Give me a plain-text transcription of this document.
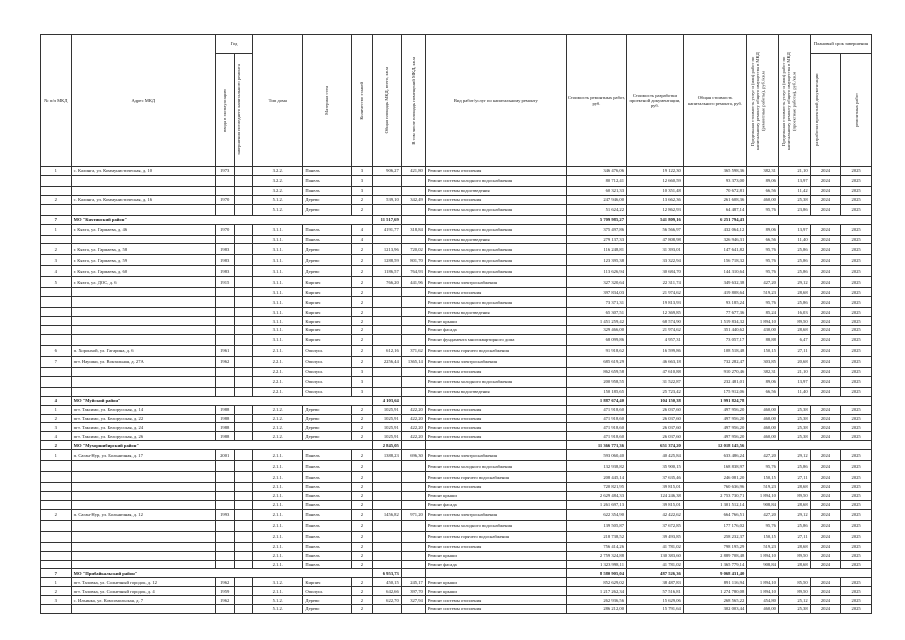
№ п/п МКД	Адрес МКД	Год		Тип дома	Материал стен	Количество этажей	Общая площадь МКД, всего, кв.м	В том числе площадь помещений МКД, кв.м	Вид работ/услуг по капитальному ремонту	Стоимость ремонтных работ, руб.	Стоимость разработки проектной документации, руб.	Общая стоимость капитального ремонта, руб.	Предельная стоимость услуг и (или) работ по капитальному ремонту общего имущества в МКД (ремонтные работы), руб./кв.м	Предельная стоимость услуг и (или) работ по капитальному ремонту общего имущества в МКД (проектные работы), руб./кв.м	Плановый срок завершения	

		ввода в эксплуатацию	завершения последнего капитального ремонта												разработки проектной документации	ремонтных работ

1	с. Калинга, ул. Коммунистическая, д. 10	1973		3.2.2.	Панель	3	906,27	421,80	Ремонт системы отопления	346 476,06	19 122,30	365 598,36	382,31	21,10	2024	2025
				3.2.2.	Панель	3			Ремонт системы холодного водоснабжения	80 712,41	12 660,59	93 373,00	89,06	13,97	2024	2025
				3.2.2.	Панель	3			Ремонт системы водоотведения	60 321,33	10 351,48	70 672,81	66,56	11,42	2024	2025
2	с. Калинга, ул. Коммунистическая, д. 16	1970		5.1.2.	Дерево	2	539,10	342,49	Ремонт системы отопления	247 946,00	13 662,36	261 608,36	460,00	25,38	2024	2025
				5.1.2.	Дерево	2			Ремонт системы холодного водоснабжения	51 624,22	12 862,93	64 487,14	95,76	23,86	2024	2025
7	МО "Кяхтинский район"						11 517,69			5 709 985,27	541 809,16	6 251 794,43				
1	г. Кяхта, ул. Гармаева, д. 46	1970		3.1.1.	Панель	4	4191,77	318,84	Ремонт системы холодного водоснабжения	375 497,86	56 566,97	432 064,12	89,06	13,97	2024	2025
				3.1.1.	Панель	4			Ремонт системы водоотведения	279 137,33	47 808,98	326 946,31	66,56	11,40	2024	2025
2	г. Кяхта, ул. Гармаева, д. 58	1983		3.1.1.	Дерево	2	1213,96	720,02	Ремонт системы холодного водоснабжения	116 248,81	31 393,01	147 641,82	95,76	25,86	2024	2025
3	г. Кяхта, ул. Гармаева, д. 59	1983		3.1.1.	Дерево	2	1288,59	801,70	Ремонт системы холодного водоснабжения	123 395,38	33 322,94	156 718,32	95,76	25,86	2024	2025
4	г. Кяхта, ул. Гармаева, д. 60	1983		3.1.1.	Дерево	2	1186,57	764,93	Ремонт системы холодного водоснабжения	113 626,94	30 684,70	144 310,64	95,76	25,86	2024	2025
5	г. Кяхта, ул. ДОС, д. 6	1915		3.1.1.	Кирпич	2	766,20	441,96	Ремонт системы электроснабжения	327 320,64	22 311,74	349 632,38	427,20	29,12	2024	2025
				3.1.1.	Кирпич	2			Ремонт системы отопления	397 834,03	21 974,62	419 808,64	519,23	28,68	2024	2025
				3.1.1.	Кирпич	2			Ремонт системы холодного водоснабжения	73 371,31	19 813,93	93 185,24	95,76	25,86	2024	2025
				3.1.1.	Кирпич	2			Ремонт системы водоотведения	65 307,51	12 369,85	77 677,36	85,24	16,03	2024	2025
				3.1.1.	Кирпич	2			Ремонт крыши	1 451 259,42	68 574,90	1 519 834,32	1 894,10	89,50	2024	2025
				3.1.1.	Кирпич	2			Ремонт фасада	329 466,00	21 974,62	351 440,62	430,00	28,68	2024	2025
				3.1.1.	Кирпич	2			Ремонт фундамента многоквартирного дома	68 099,86	4 957,31	73 057,17	88,88	6,47	2024	2025
6	п. Хоронхой, ул. Гагарина, д. 6	1961		2.1.1.	Опилуш.	2	612,16	371,62	Ремонт системы горячего водоснабжения	91 918,62	16 599,86	108 518,48	150,15	27,11	2024	2025
7	пгт. Наушки, ул. Вокзальная, д. 27А	1962		2.2.1.	Опилуш.	2	2256,44	1365,14	Ремонт системы электроснабжения	685 619,29	46 663,18	732 282,47	303,85	20,68	2024	2025
				2.2.1.	Опилуш.	3			Ремонт системы отопления	862 659,58	47 610,88	910 270,46	382,31	21,10	2024	2025
				2.2.1.	Опилуш.	3			Ремонт системы холодного водоснабжения	200 958,55	31 522,87	232 481,01	89,06	13,97	2024	2025
				2.2.1.	Опилуш.	3			Ремонт системы водоотведения	150 185,65	25 723,42	175 912,06	66,56	11,40	2024	2025
4	МО "Муйский район"						4 103,64			1 887 674,40	104 150,38	1 991 824,78				
1	пгт. Таксимо, ул. Белорусская, д. 14	1988		2.1.2.	Дерево	2	1025,91	422,20	Ремонт системы отопления	471 918,60	26 037,60	497 956,20	460,00	25,38	2024	2025
2	пгт. Таксимо, ул. Белорусская, д. 22	1988		2.1.2.	Дерево	2	1025,91	422,20	Ремонт системы отопления	471 918,60	26 037,60	497 956,20	460,00	25,38	2024	2025
3	пгт. Таксимо, ул. Белорусская, д. 24	1988		2.1.2.	Дерево	2	1025,91	422,20	Ремонт системы отопления	471 918,60	26 037,60	497 956,20	460,00	25,38	2024	2025
4	пгт. Таксимо, ул. Белорусская, д. 26	1988		2.1.2.	Дерево	2	1025,91	422,20	Ремонт системы отопления	471 918,60	26 037,60	497 956,20	460,00	25,38	2024	2025
2	МО "Мухоршибирский район"						2 845,05			11 366 771,36	651 374,20	12 018 145,56				
1	п. Саган-Нур, ул. Больничная, д. 17	2001		2.1.1.	Панель	2	1388,23	696,30	Ремонт системы электроснабжения	593 060,40	40 425,84	633 486,24	427,20	29,12	2024	2025
				2.1.1.	Панель	2			Ремонт системы холодного водоснабжения	132 938,82	35 900,15	168 838,97	95,76	25,86	2024	2025
				2.1.1.	Панель	2			Ремонт системы горячего водоснабжения	208 445,14	37 635,46	246 081,20	150,15	27,11	2024	2025
				2.1.1.	Панель	2			Ремонт системы отопления	720 821,95	39 815,01	760 636,96	519,23	28,68	2024	2025
				2.1.1.	Панель	2			Ремонт крыши	2 629 484,33	124 246,38	2 753 730,71	1 894,10	89,50	2024	2025
				2.1.1.	Панель	2			Ремонт фасада	1 261 697,13	39 815,01	1 301 512,14	908,84	28,68	2024	2025
2	п. Саган-Нур, ул. Больничная, д. 12	1993		2.1.1.	Панель	2	1456,82	971,20	Ремонт системы электроснабжения	622 354,90	42 422,62	664 766,51	427,20	29,12	2024	2025
				2.1.1.	Панель	2			Ремонт системы холодного водоснабжения	139 505,87	37 672,85	177 176,02	95,76	25,86	2024	2025
				2.1.1.	Панель	2			Ремонт системы горячего водоснабжения	218 738,52	39 493,85	258 232,37	150,15	27,11	2024	2025
				2.1.1.	Панель	2			Ремонт системы отопления	756 414,26	41 781,02	798 195,29	519,23	28,68	2024	2025
				2.1.1.	Панель	2			Ремонт крыши	2 759 324,88	130 383,60	2 889 708,48	1 894,10	89,50	2024	2025
				2.1.1.	Панель	2			Ремонт фасада	1 323 998,11	41 781,02	1 365 779,14	908,84	28,68	2024	2025
7	МО "Прибайкальский район"						6 953,73			8 580 905,04	487 526,36	9 068 431,40				
1	пгт. Таловка, ул. Солнечный городок, д. 12	1962		3.1.2.	Кирпич	2	450,15	245,17	Ремонт крыши	852 629,02	38 487,83	891 116,94	1 894,10	85,50	2024	2025
2	пгт. Таловка, ул. Солнечный городок, д. 4	1959		2.1.1.	Опилуш.	2	642,66	397,70	Ремонт крыши	1 217 262,34	57 516,81	1 274 780,08	1 894,10	89,50	2024	2025
3	с. Ильинка, ул. Комсомольская, д. 7	1962		5.1.2.	Дерево	2	622,70	327,94	Ремонт системы отопления	262 936,56	15 629,06	268 565,22	454,80	25,12	2024	2025
				5.1.2.	Дерево	2			Ремонт системы отопления	286 212,00	15 791,64	302 003,44	460,00	25,38	2024	2025
